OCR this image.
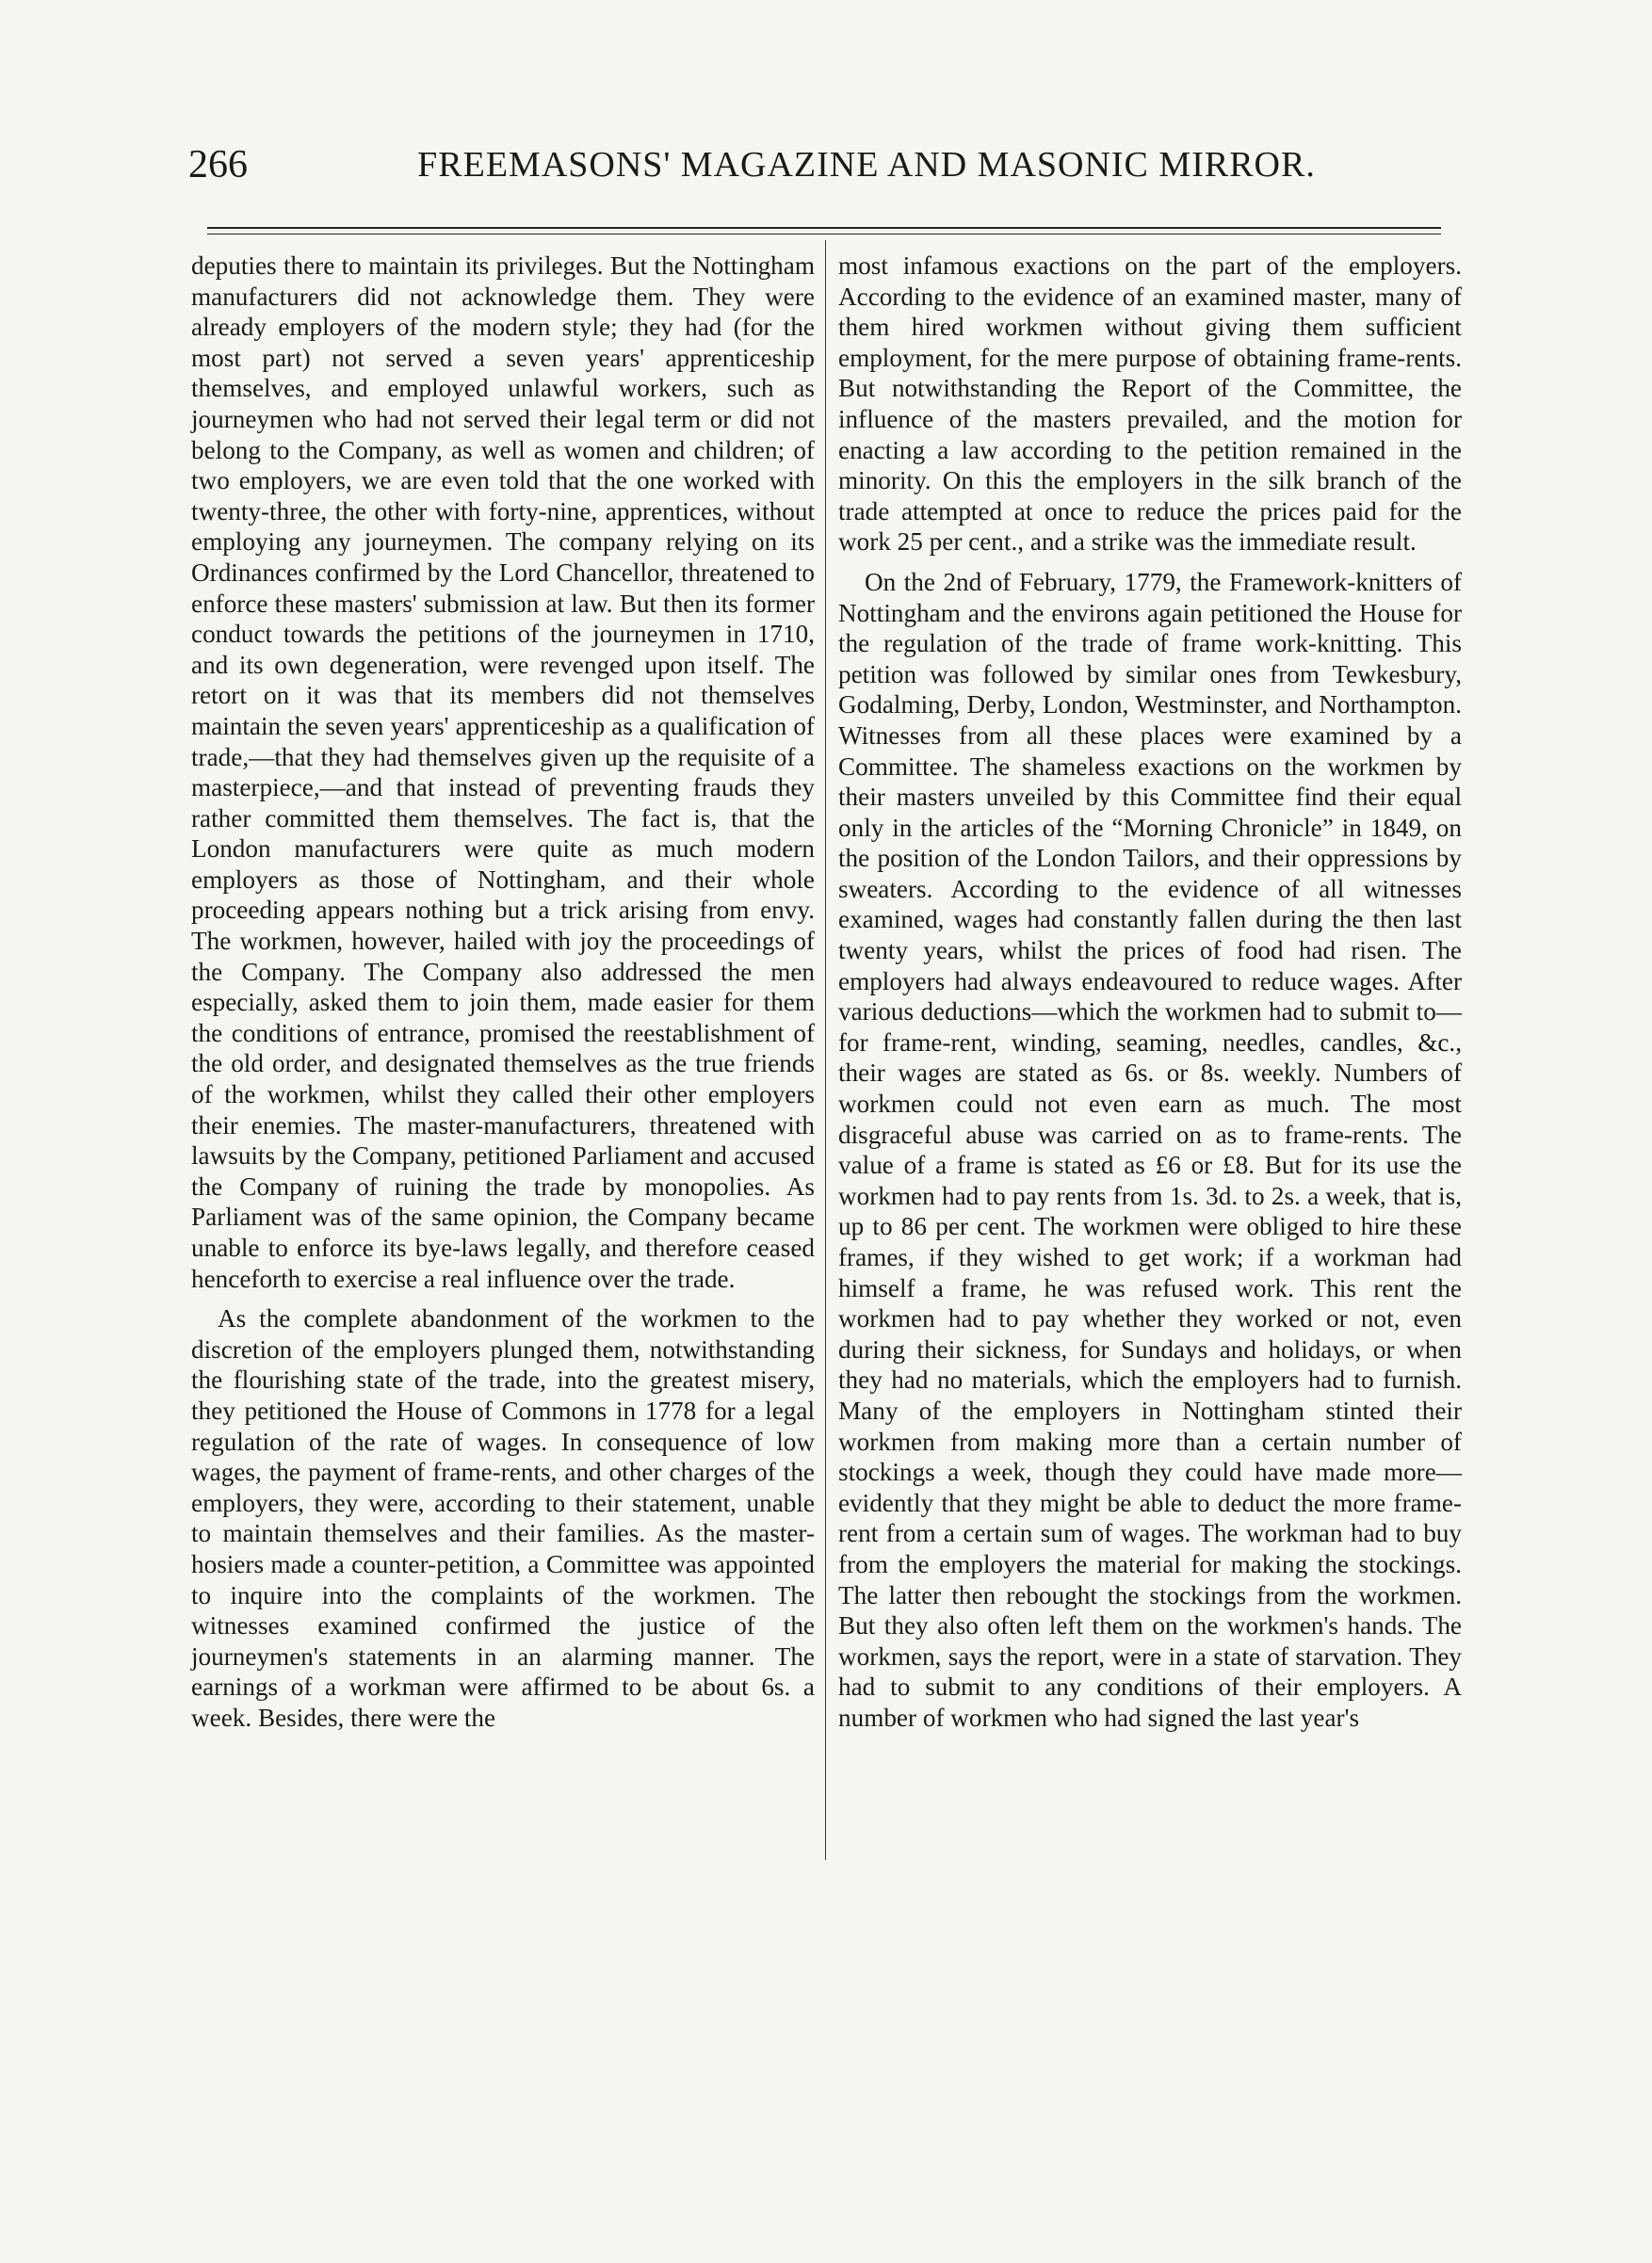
266	FREEMASONS' MAGAZINE AND MASONIC MIRROR.

deputies there to maintain its privileges. But the Nottingham manufacturers did not acknowledge them. They were already employers of the modern style; they had (for the most part) not served a seven years' apprenticeship themselves, and employed unlawful workers, such as journeymen who had not served their legal term or did not belong to the Company, as well as women and children; of two employers, we are even told that the one worked with twenty-three, the other with forty-nine, apprentices, without employing any journeymen. The company relying on its Ordinances confirmed by the Lord Chancellor, threatened to enforce these masters' submission at law. But then its former conduct towards the petitions of the journeymen in 1710, and its own degeneration, were revenged upon itself. The retort on it was that its members did not themselves maintain the seven years' apprenticeship as a qualification of trade,—that they had themselves given up the requisite of a masterpiece,—and that instead of preventing frauds they rather committed them themselves. The fact is, that the London manufacturers were quite as much modern employers as those of Nottingham, and their whole proceeding appears nothing but a trick arising from envy. The workmen, however, hailed with joy the proceedings of the Company. The Company also addressed the men especially, asked them to join them, made easier for them the conditions of entrance, promised the reestablishment of the old order, and designated themselves as the true friends of the workmen, whilst they called their other employers their enemies. The master-manufacturers, threatened with lawsuits by the Company, petitioned Parliament and accused the Company of ruining the trade by monopolies. As Parliament was of the same opinion, the Company became unable to enforce its bye-laws legally, and therefore ceased henceforth to exercise a real influence over the trade.

As the complete abandonment of the workmen to the discretion of the employers plunged them, notwithstanding the flourishing state of the trade, into the greatest misery, they petitioned the House of Commons in 1778 for a legal regulation of the rate of wages. In consequence of low wages, the payment of frame-rents, and other charges of the employers, they were, according to their statement, unable to maintain themselves and their families. As the master-hosiers made a counter-petition, a Committee was appointed to inquire into the complaints of the workmen. The witnesses examined confirmed the justice of the journeymen's statements in an alarming manner. The earnings of a workman were affirmed to be about 6s. a week. Besides, there were the

most infamous exactions on the part of the employers. According to the evidence of an examined master, many of them hired workmen without giving them sufficient employment, for the mere purpose of obtaining frame-rents. But notwithstanding the Report of the Committee, the influence of the masters prevailed, and the motion for enacting a law according to the petition remained in the minority. On this the employers in the silk branch of the trade attempted at once to reduce the prices paid for the work 25 per cent., and a strike was the immediate result.

On the 2nd of February, 1779, the Framework-knitters of Nottingham and the environs again petitioned the House for the regulation of the trade of frame work-knitting. This petition was followed by similar ones from Tewkesbury, Godalming, Derby, London, Westminster, and Northampton. Witnesses from all these places were examined by a Committee. The shameless exactions on the workmen by their masters unveiled by this Committee find their equal only in the articles of the “Morning Chronicle” in 1849, on the position of the London Tailors, and their oppressions by sweaters. According to the evidence of all witnesses examined, wages had constantly fallen during the then last twenty years, whilst the prices of food had risen. The employers had always endeavoured to reduce wages. After various deductions—which the workmen had to submit to—for frame-rent, winding, seaming, needles, candles, &c., their wages are stated as 6s. or 8s. weekly. Numbers of workmen could not even earn as much. The most disgraceful abuse was carried on as to frame-rents. The value of a frame is stated as £6 or £8. But for its use the workmen had to pay rents from 1s. 3d. to 2s. a week, that is, up to 86 per cent. The workmen were obliged to hire these frames, if they wished to get work; if a workman had himself a frame, he was refused work. This rent the workmen had to pay whether they worked or not, even during their sickness, for Sundays and holidays, or when they had no materials, which the employers had to furnish. Many of the employers in Nottingham stinted their workmen from making more than a certain number of stockings a week, though they could have made more—evidently that they might be able to deduct the more frame-rent from a certain sum of wages. The workman had to buy from the employers the material for making the stockings. The latter then rebought the stockings from the workmen. But they also often left them on the workmen's hands. The workmen, says the report, were in a state of starvation. They had to submit to any conditions of their employers. A number of workmen who had signed the last year's
